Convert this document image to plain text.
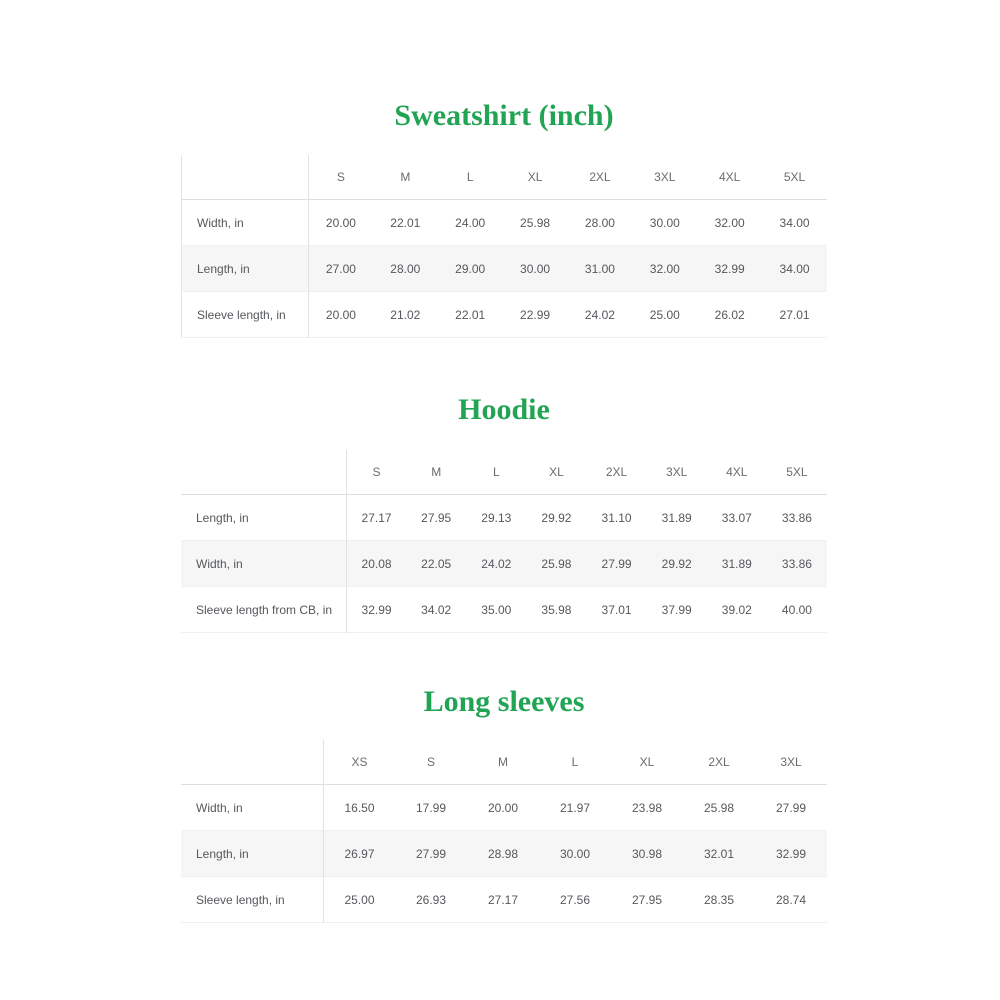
Sweatshirt (inch)
S	M	L	XL	2XL	3XL	4XL	5XL
Width, in	20.00	22.01	24.00	25.98	28.00	30.00	32.00	34.00
Length, in	27.00	28.00	29.00	30.00	31.00	32.00	32.99	34.00
Sleeve length, in	20.00	21.02	22.01	22.99	24.02	25.00	26.02	27.01
Hoodie
S	M	L	XL	2XL	3XL	4XL	5XL
Length, in	27.17	27.95	29.13	29.92	31.10	31.89	33.07	33.86
Width, in	20.08	22.05	24.02	25.98	27.99	29.92	31.89	33.86
Sleeve length from CB, in	32.99	34.02	35.00	35.98	37.01	37.99	39.02	40.00
Long sleeves
XS	S	M	L	XL	2XL	3XL
Width, in	16.50	17.99	20.00	21.97	23.98	25.98	27.99
Length, in	26.97	27.99	28.98	30.00	30.98	32.01	32.99
Sleeve length, in	25.00	26.93	27.17	27.56	27.95	28.35	28.74
